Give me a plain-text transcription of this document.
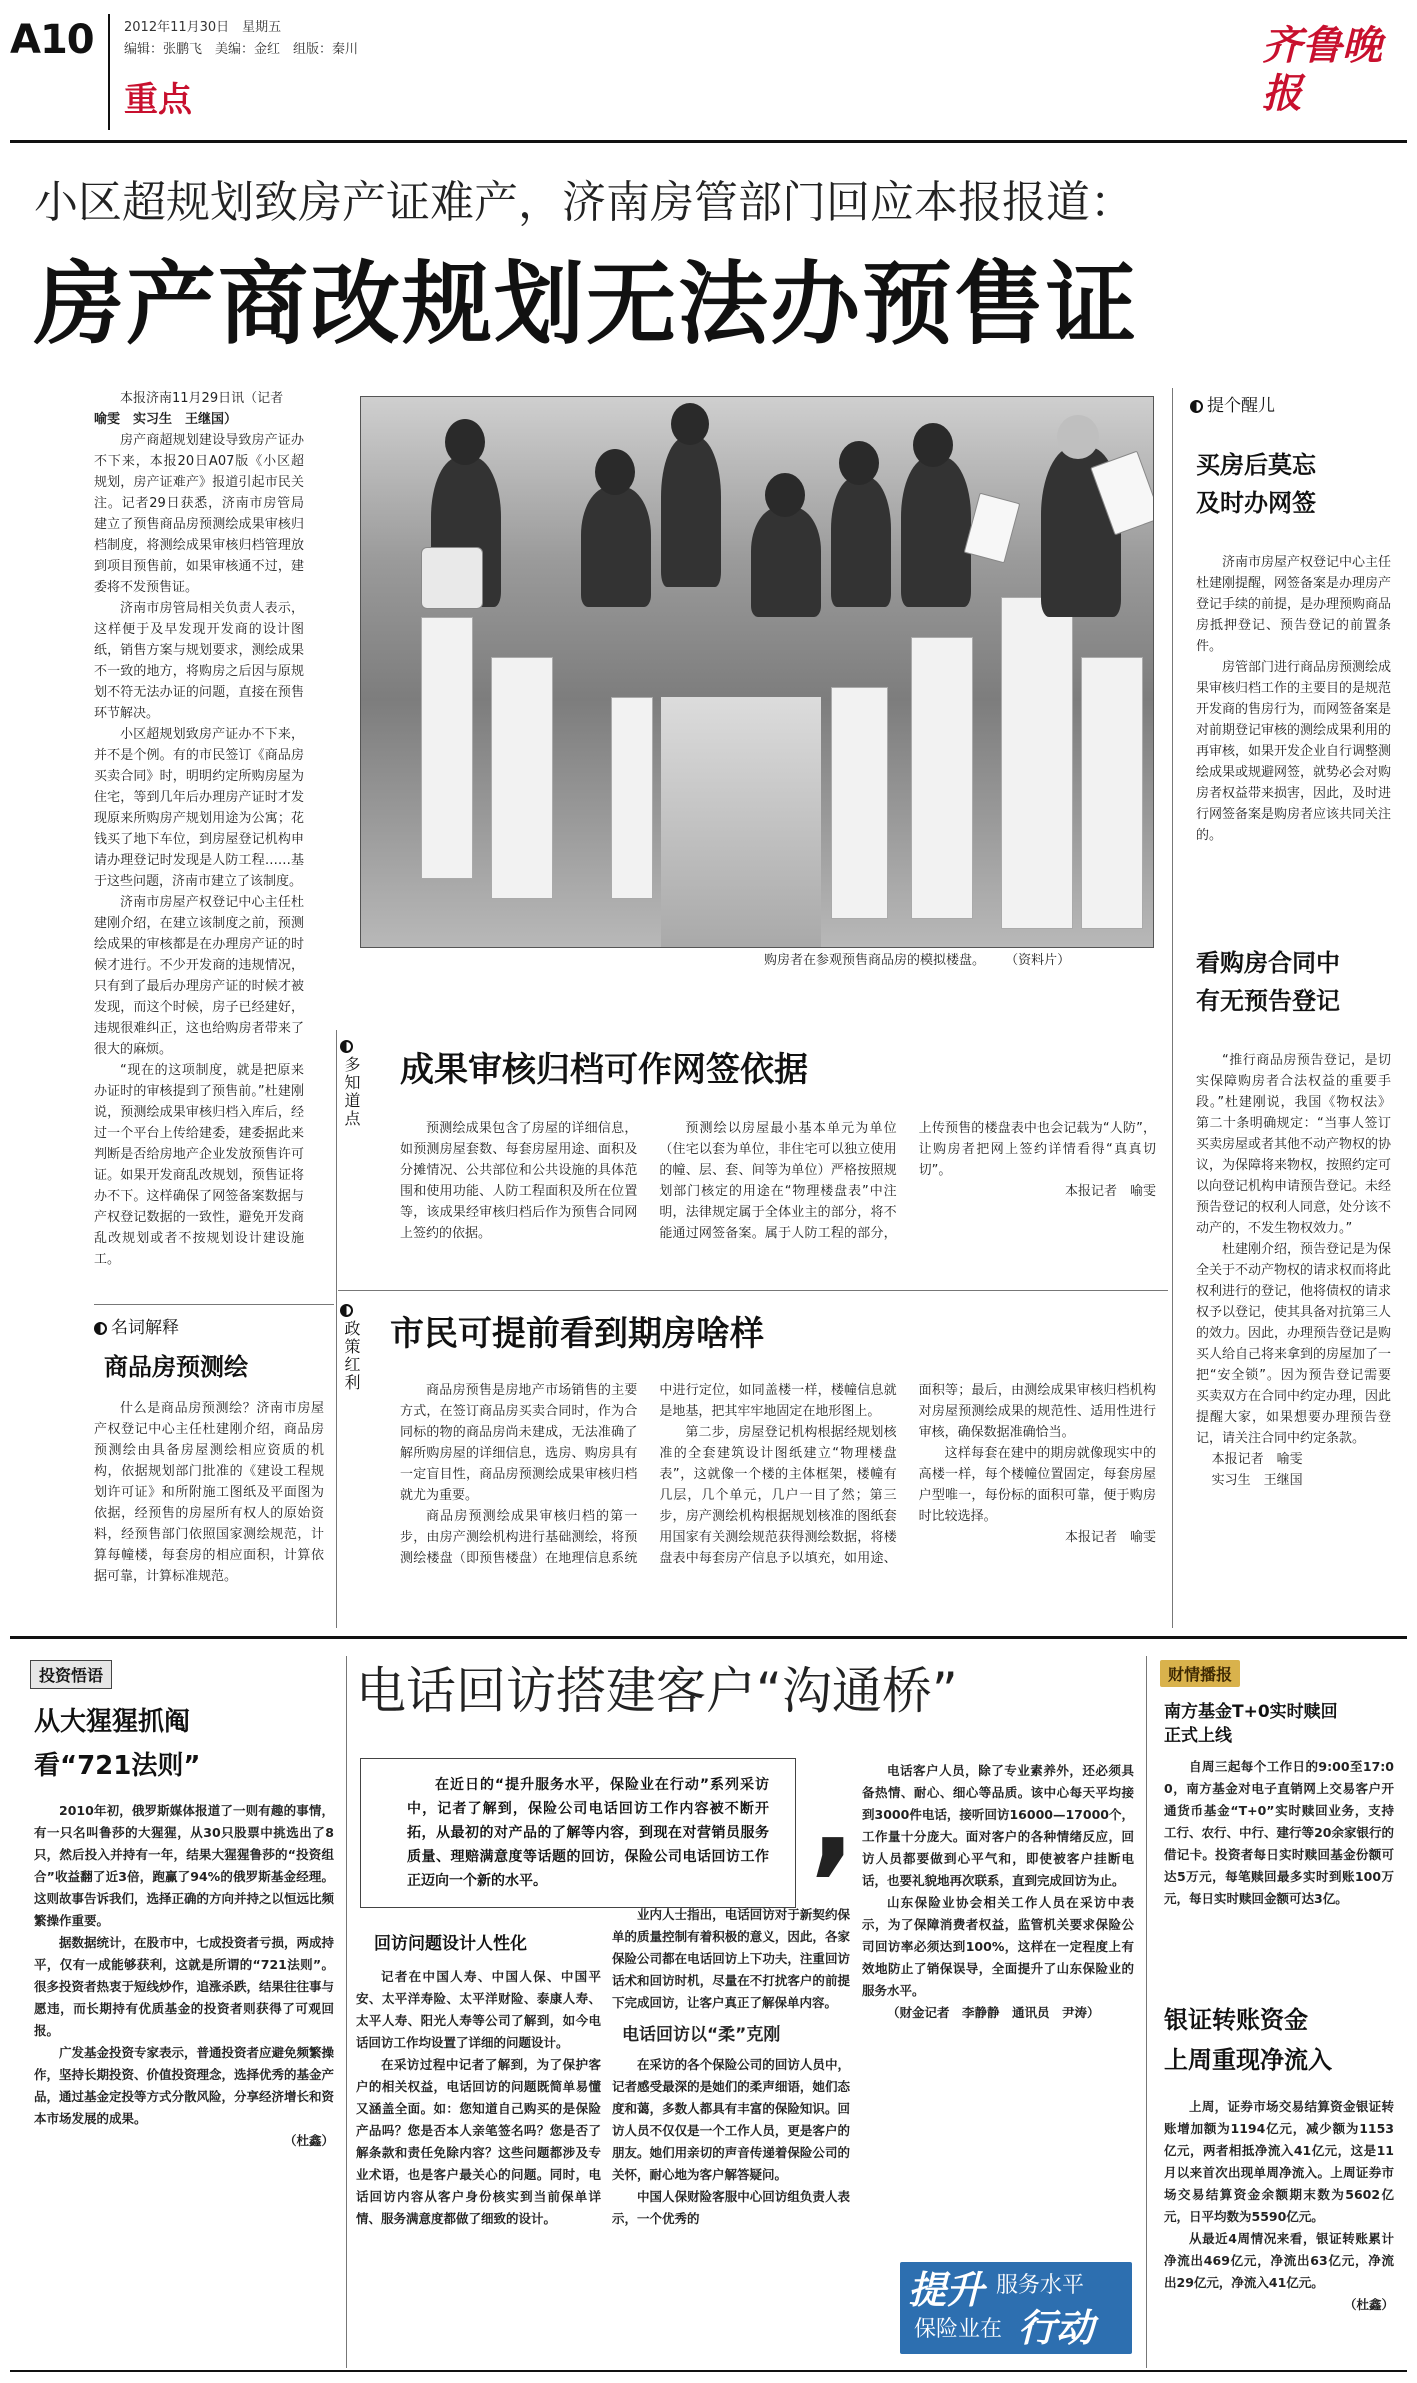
A10 2012年11月30日　星期五
编辑：张鹏飞　美编：金红　组版：秦川
重点
齐鲁晚报
小区超规划致房产证难产，济南房管部门回应本报报道：
房产商改规划无法办预售证
本报济南11月29日讯（记者
喻雯　实习生　王继国）

房产商超规划建设导致房产证办不下来，本报20日A07版《小区超规划，房产证难产》报道引起市民关注。记者29日获悉，济南市房管局建立了预售商品房预测绘成果审核归档制度，将测绘成果审核归档管理放到项目预售前，如果审核通不过，建委将不发预售证。

济南市房管局相关负责人表示，这样便于及早发现开发商的设计图纸，销售方案与规划要求，测绘成果不一致的地方，将购房之后因与原规划不符无法办证的问题，直接在预售环节解决。

小区超规划致房产证办不下来，并不是个例。有的市民签订《商品房买卖合同》时，明明约定所购房屋为住宅，等到几年后办理房产证时才发现原来所购房产规划用途为公寓；花钱买了地下车位，到房屋登记机构申请办理登记时发现是人防工程……基于这些问题，济南市建立了该制度。

济南市房屋产权登记中心主任杜建刚介绍，在建立该制度之前，预测绘成果的审核都是在办理房产证的时候才进行。不少开发商的违规情况，只有到了最后办理房产证的时候才被发现，而这个时候，房子已经建好，违规很难纠正，这也给购房者带来了很大的麻烦。

“现在的这项制度，就是把原来办证时的审核提到了预售前。”杜建刚说，预测绘成果审核归档入库后，经过一个平台上传给建委，建委据此来判断是否给房地产企业发放预售许可证。如果开发商乱改规划，预售证将办不下。这样确保了网签备案数据与产权登记数据的一致性，避免开发商乱改规划或者不按规划设计建设施工。

购房者在参观预售商品房的模拟楼盘。 （资料片）
提个醒儿
买房后莫忘
及时办网签

济南市房屋产权登记中心主任杜建刚提醒，网签备案是办理房产登记手续的前提，是办理预购商品房抵押登记、预告登记的前置条件。

房管部门进行商品房预测绘成果审核归档工作的主要目的是规范开发商的售房行为，而网签备案是对前期登记审核的测绘成果利用的再审核，如果开发企业自行调整测绘成果或规避网签，就势必会对购房者权益带来损害，因此，及时进行网签备案是购房者应该共同关注的。

看购房合同中
有无预告登记

“推行商品房预告登记，是切实保障购房者合法权益的重要手段。”杜建刚说，我国《物权法》第二十条明确规定：“当事人签订买卖房屋或者其他不动产物权的协议，为保障将来物权，按照约定可以向登记机构申请预告登记。未经预告登记的权利人同意，处分该不动产的，不发生物权效力。”

杜建刚介绍，预告登记是为保全关于不动产物权的请求权而将此权利进行的登记，他将债权的请求权予以登记，使其具备对抗第三人的效力。因此，办理预告登记是购买人给自己将来拿到的房屋加了一把“安全锁”。因为预告登记需要买卖双方在合同中约定办理，因此提醒大家，如果想要办理预告登记，请关注合同中约定条款。

本报记者　喻雯
实习生　王继国
名词解释
商品房预测绘

什么是商品房预测绘？济南市房屋产权登记中心主任杜建刚介绍，商品房预测绘由具备房屋测绘相应资质的机构，依据规划部门批准的《建设工程规划许可证》和所附施工图纸及平面图为依据，经预售的房屋所有权人的原始资料，经预售部门依照国家测绘规范，计算每幢楼，每套房的相应面积，计算依据可靠，计算标准规范。

多知道点 成果审核归档可作网签依据

预测绘成果包含了房屋的详细信息，如预测房屋套数、每套房屋用途、面积及分摊情况、公共部位和公共设施的具体范围和使用功能、人防工程面积及所在位置等，该成果经审核归档后作为预售合同网上签约的依据。

预测绘以房屋最小基本单元为单位（住宅以套为单位，非住宅可以独立使用的幢、层、套、间等为单位）严格按照规划部门核定的用途在“物理楼盘表”中注明，法律规定属于全体业主的部分，将不能通过网签备案。属于人防工程的部分，上传预售的楼盘表中也会记载为“人防”，让购房者把网上签约详情看得“真真切切”。

本报记者　喻雯
政策红利 市民可提前看到期房啥样

商品房预售是房地产市场销售的主要方式，在签订商品房买卖合同时，作为合同标的物的商品房尚未建成，无法准确了解所购房屋的详细信息，选房、购房具有一定盲目性，商品房预测绘成果审核归档就尤为重要。

商品房预测绘成果审核归档的第一步，由房产测绘机构进行基础测绘，将预测绘楼盘（即预售楼盘）在地理信息系统中进行定位，如同盖楼一样，楼幢信息就是地基，把其牢牢地固定在地形图上。

第二步，房屋登记机构根据经规划核准的全套建筑设计图纸建立“物理楼盘表”，这就像一个楼的主体框架，楼幢有几层，几个单元，几户一目了然；第三步，房产测绘机构根据规划核准的图纸套用国家有关测绘规范获得测绘数据，将楼盘表中每套房产信息予以填充，如用途、面积等；最后，由测绘成果审核归档机构对房屋预测绘成果的规范性、适用性进行审核，确保数据准确恰当。

这样每套在建中的期房就像现实中的高楼一样，每个楼幢位置固定，每套房屋户型唯一，每份标的面积可靠，便于购房时比较选择。

本报记者　喻雯
投资悟语
从大猩猩抓阄
看“721法则”

2010年初，俄罗斯媒体报道了一则有趣的事情，有一只名叫鲁莎的大猩猩，从30只股票中挑选出了8只，然后投入并持有一年，结果大猩猩鲁莎的“投资组合”收益翻了近3倍，跑赢了94%的俄罗斯基金经理。这则故事告诉我们，选择正确的方向并持之以恒远比频繁操作重要。

据数据统计，在股市中，七成投资者亏损，两成持平，仅有一成能够获利，这就是所谓的“721法则”。很多投资者热衷于短线炒作，追涨杀跌，结果往往事与愿违，而长期持有优质基金的投资者则获得了可观回报。

广发基金投资专家表示，普通投资者应避免频繁操作，坚持长期投资、价值投资理念，选择优秀的基金产品，通过基金定投等方式分散风险，分享经济增长和资本市场发展的成果。

（杜鑫）
电话回访搭建客户“沟通桥”
在近日的“提升服务水平，保险业在行动”系列采访中，记者了解到，保险公司电话回访工作内容被不断开拓，从最初的对产品的了解等内容，到现在对营销员服务质量、理赔满意度等话题的回访，保险公司电话回访工作正迈向一个新的水平。	,
回访问题设计人性化

记者在中国人寿、中国人保、中国平安、太平洋寿险、太平洋财险、泰康人寿、太平人寿、阳光人寿等公司了解到，如今电话回访工作均设置了详细的问题设计。

在采访过程中记者了解到，为了保护客户的相关权益，电话回访的问题既简单易懂又涵盖全面。如：您知道自己购买的是保险产品吗？您是否本人亲笔签名吗？您是否了解条款和责任免除内容？这些问题都涉及专业术语，也是客户最关心的问题。同时，电话回访内容从客户身份核实到当前保单详情、服务满意度都做了细致的设计。

业内人士指出，电话回访对于新契约保单的质量控制有着积极的意义，因此，各家保险公司都在电话回访上下功夫，注重回访话术和回访时机，尽量在不打扰客户的前提下完成回访，让客户真正了解保单内容。

电话回访以“柔”克刚

在采访的各个保险公司的回访人员中，记者感受最深的是她们的柔声细语，她们态度和蔼，多数人都具有丰富的保险知识。回访人员不仅仅是一个工作人员，更是客户的朋友。她们用亲切的声音传递着保险公司的关怀，耐心地为客户解答疑问。

中国人保财险客服中心回访组负责人表示，一个优秀的

电话客户人员，除了专业素养外，还必须具备热情、耐心、细心等品质。该中心每天平均接到3000件电话，接听回访16000—17000个，工作量十分庞大。面对客户的各种情绪反应，回访人员都要做到心平气和，即使被客户挂断电话，也要礼貌地再次联系，直到完成回访为止。

山东保险业协会相关工作人员在采访中表示，为了保障消费者权益，监管机关要求保险公司回访率必须达到100%，这样在一定程度上有效地防止了销保误导，全面提升了山东保险业的服务水平。

（财金记者　李静静　通讯员　尹涛）
提升 服务水平
保险业在 行动
财情播报
南方基金T+0实时赎回
正式上线

自周三起每个工作日的9:00至17:00，南方基金对电子直销网上交易客户开通货币基金“T+0”实时赎回业务，支持工行、农行、中行、建行等20余家银行的借记卡。投资者每日实时赎回基金份额可达5万元，每笔赎回最多实时到账100万元，每日实时赎回金额可达3亿。

银证转账资金
上周重现净流入

上周，证券市场交易结算资金银证转账增加额为1194亿元，减少额为1153亿元，两者相抵净流入41亿元，这是11月以来首次出现单周净流入。上周证券市场交易结算资金余额期末数为5602亿元，日平均数为5590亿元。

从最近4周情况来看，银证转账累计净流出469亿元，净流出63亿元，净流出29亿元，净流入41亿元。

（杜鑫）
